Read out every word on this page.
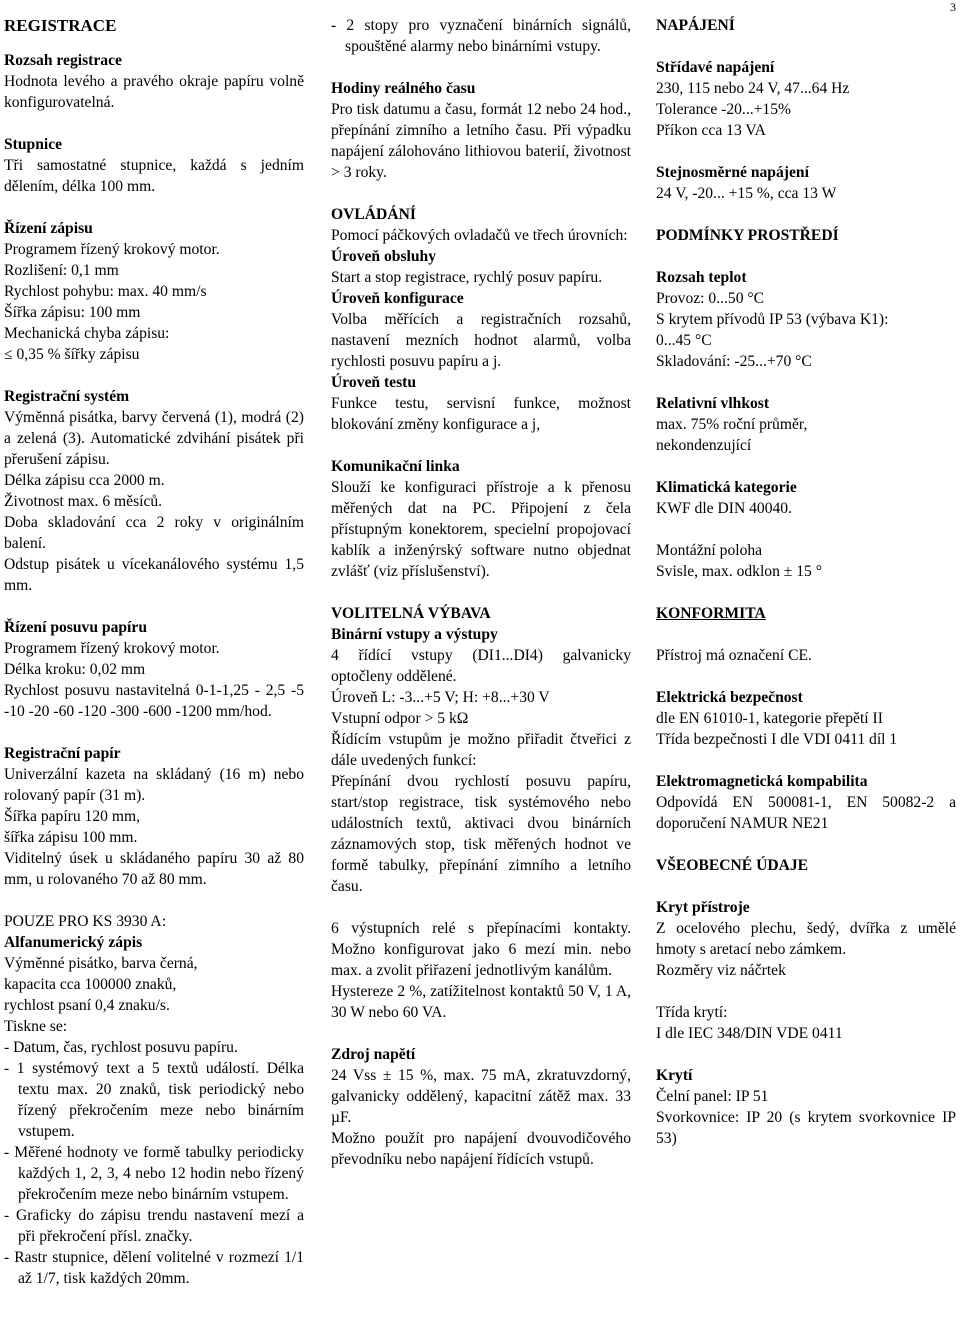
3

REGISTRACE

Rozsah registrace

Hodnota levého a pravého okraje papíru volně konfigurovatelná.

Stupnice

Tři samostatné stupnice, každá s jedním dělením, délka 100 mm.

Řízení zápisu

Programem řízený krokový motor.

Rozlišení: 0,1 mm

Rychlost pohybu: max. 40 mm/s

Šířka zápisu: 100 mm

Mechanická chyba zápisu:

≤ 0,35 % šířky zápisu

Registrační systém

Výměnná pisátka, barvy červená (1), modrá (2) a zelená (3). Automatické zdvihání pisátek při přerušení zápisu.

Délka zápisu cca 2000 m.

Životnost max. 6 měsíců.

Doba skladování cca 2 roky v originálním balení.

Odstup pisátek u vícekanálového systému 1,5 mm.

Řízení posuvu papíru

Programem řízený krokový motor.

Délka kroku: 0,02 mm

Rychlost posuvu nastavitelná 0-1-1,25 - 2,5 -5 -10 -20 -60 -120 -300 -600 -1200 mm/hod.

Registrační papír

Univerzální kazeta na skládaný (16 m) nebo rolovaný papír (31 m).

Šířka papíru 120 mm,

šířka zápisu 100 mm.

Viditelný úsek u skládaného papíru 30 až 80 mm, u rolovaného 70 až 80 mm.

POUZE PRO KS 3930 A:

Alfanumerický zápis

Výměnné pisátko, barva černá,

kapacita cca 100000 znaků,

rychlost psaní 0,4 znaku/s.

Tiskne se:

- Datum, čas, rychlost posuvu papíru.

- 1 systémový text a 5 textů událostí. Délka textu max. 20 znaků, tisk periodický nebo řízený překročením meze nebo binárním vstupem.

- Měřené hodnoty ve formě tabulky periodicky každých 1, 2, 3, 4 nebo 12 hodin nebo řízený překročením meze nebo binárním vstupem.

- Graficky do zápisu trendu nastavení mezí a při překročení přísl. značky.

- Rastr stupnice, dělení volitelné v rozmezí 1/1 až 1/7, tisk každých 20mm.

- 2 stopy pro vyznačení binárních signálů, spouštěné alarmy nebo binárními vstupy.

Hodiny reálného času

Pro tisk datumu a času, formát 12 nebo 24 hod., přepínání zimního a letního času. Při výpadku napájení zálohováno lithiovou baterií, životnost > 3 roky.

OVLÁDÁNÍ

Pomocí páčkových ovladačů ve třech úrovních:

Úroveň obsluhy

Start a stop registrace, rychlý posuv papíru.

Úroveň konfigurace

Volba měřících a registračních rozsahů, nastavení mezních hodnot alarmů, volba rychlosti posuvu papíru a j.

Úroveň testu

Funkce testu, servisní funkce, možnost blokování změny konfigurace a j,

Komunikační linka

Slouží ke konfiguraci přístroje a k přenosu měřených dat na PC. Připojení z čela přístupným konektorem, specielní propojovací kablík a inženýrský software nutno objednat zvlášť (viz příslušenství).

VOLITELNÁ VÝBAVA

Binární vstupy a výstupy

4 řídící vstupy (DI1...DI4) galvanicky optočleny oddělené.

Úroveň L: -3...+5 V; H: +8...+30 V

Vstupní odpor > 5 kΩ

Řídícím vstupům je možno přiřadit čtveřici z dále uvedených funkcí:

Přepínání dvou rychlostí posuvu papíru, start/stop registrace, tisk systémového nebo událostních textů, aktivaci dvou binárních záznamových stop, tisk měřených hodnot ve formě tabulky, přepínání zimního a letního času.

6 výstupních relé s přepínacími kontakty. Možno konfigurovat jako 6 mezí min. nebo max. a zvolit přiřazení jednotlivým kanálům.

Hystereze 2 %, zatížitelnost kontaktů 50 V, 1 A, 30 W nebo 60 VA.

Zdroj napětí

24 Vss ± 15 %, max. 75 mA, zkratuvzdorný, galvanicky oddělený, kapacitní zátěž max. 33 µF.

Možno použít pro napájení dvouvodičového převodníku nebo napájení řídících vstupů.

NAPÁJENÍ

Střídavé napájení

230, 115 nebo 24 V, 47...64 Hz

Tolerance -20...+15%

Příkon cca 13 VA

Stejnosměrné napájení

24 V, -20... +15 %, cca 13 W

PODMÍNKY PROSTŘEDÍ

Rozsah teplot

Provoz: 0...50 °C

S krytem přívodů IP 53 (výbava K1):

0...45 °C

Skladování: -25...+70 °C

Relativní vlhkost

max. 75% roční průměr,

nekondenzující

Klimatická kategorie

KWF dle DIN 40040.

Montážní poloha

Svisle, max. odklon ± 15 °

KONFORMITA

Přístroj má označení CE.

Elektrická bezpečnost

dle EN 61010-1, kategorie přepětí II

Třída bezpečnosti I dle VDI 0411 díl 1

Elektromagnetická kompabilita

Odpovídá EN 500081-1, EN 50082-2 a doporučení NAMUR NE21

VŠEOBECNÉ ÚDAJE

Kryt přístroje

Z ocelového plechu, šedý, dvířka z umělé hmoty s aretací nebo zámkem.

Rozměry viz náčrtek

Třída krytí:

I dle IEC 348/DIN VDE 0411

Krytí

Čelní panel: IP 51

Svorkovnice: IP 20 (s krytem svorkovnice IP 53)
